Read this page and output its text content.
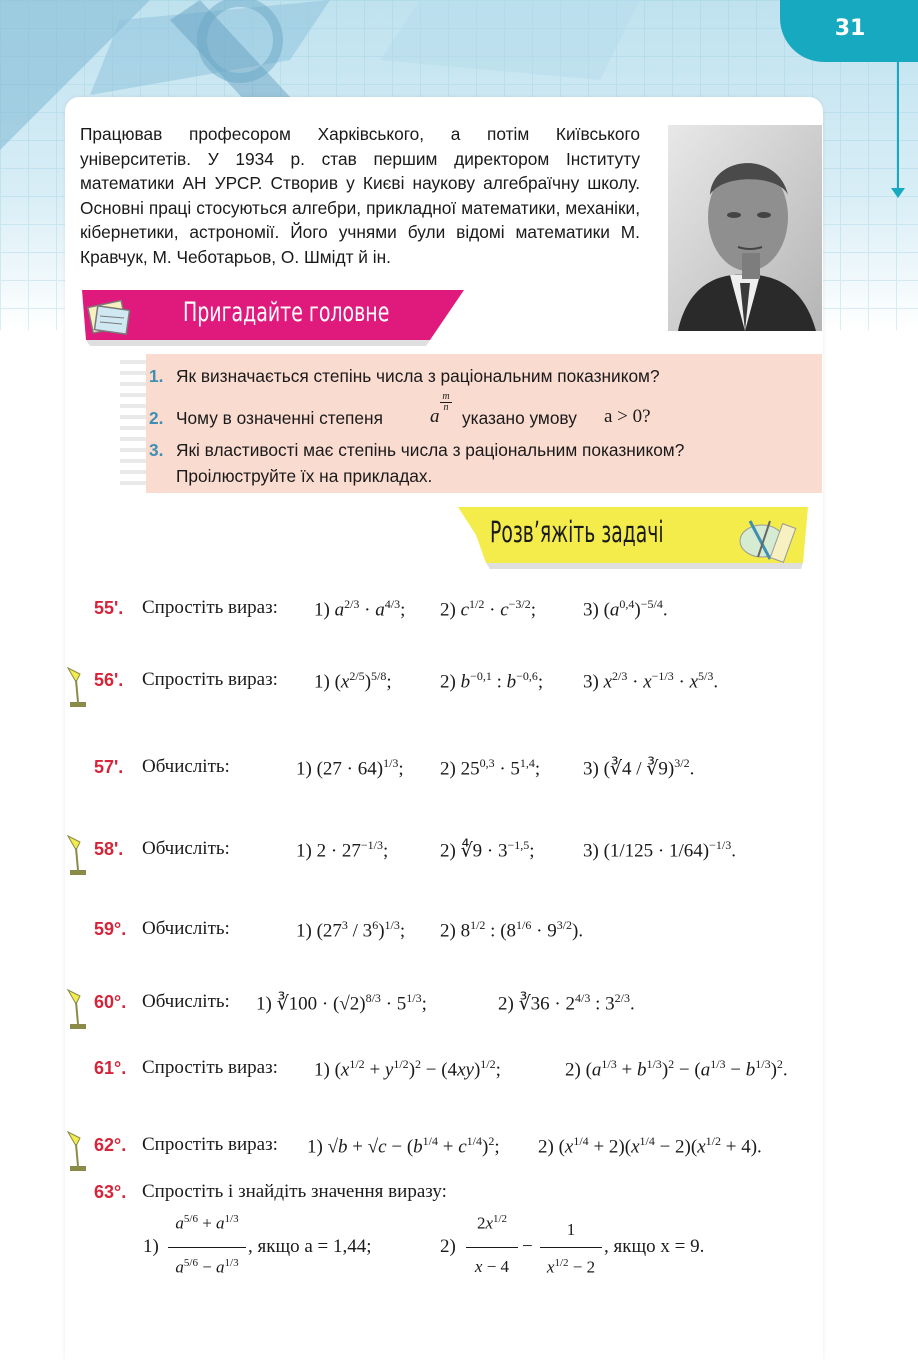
31
Працював професором Харківського, а потім Київського університетів. У 1934 р. став першим директором Інституту математики АН УРСР. Створив у Києві наукову алгебраїчну школу. Основні праці стосуються алгебри, прикладної математики, механіки, кібернетики, астрономії. Його учнями були відомі математики М. Кравчук, М. Чеботарьов, О. Шмідт й ін.
Пригадайте головне
1. Як визначається степінь числа з раціональним показником?
2. Чому в означенні степеня a
m

n
указано умову a > 0?
3. Які властивості має степінь числа з раціональним показником?
Проілюструйте їх на прикладах.
Розв’яжіть задачі
55'. Спростіть вираз: 1) $a^{2/3} \cdot a^{4/3}$; 2) $c^{1/2} \cdot c^{-3/2}$; 3) $(a^{0,4})^{-5/4}$.
56'. Спростіть вираз: 1) $(x^{2/5})^{5/8}$;	2) $b^{-0,1}$ : $b^{-0,6}$; 3) $x^{2/3} \cdot x^{-1/3} \cdot x^{5/3}$.
57'. Обчисліть:	1) $(27 \cdot 64)^{1/3}$; 2) $25^{0,3} \cdot 5^{1,4}$; 3) (∛4 / ∛9)$^{3/2}$.
58'. Обчисліть:	1) $2 \cdot 27^{-1/3}$;	2) ∜9 · $3^{-1,5}$;	3) $(1/125 \cdot 1/64)^{-1/3}$.
59°. Обчисліть:	1) $(27^3 / 3^6)^{1/3}$; 2) $8^{1/2}$ : $(8^{1/6} \cdot 9^{3/2})$.
60°. Обчисліть: 1) ∛100 · $(√2)^{8/3} \cdot 5^{1/3}$;	2) ∛36 · $2^{4/3}$ : $3^{2/3}$.
61°. Спростіть вираз: 1) $(x^{1/2} + y^{1/2})^2 - (4xy)^{1/2}$;	2) $(a^{1/3} + b^{1/3})^2 - (a^{1/3} - b^{1/3})^2$.
62°. Спростіть вираз: 1) $√b + √c - (b^{1/4} + c^{1/4})^2$; 2) $(x^{1/4} + 2)(x^{1/4} - 2)(x^{1/2} + 4)$.
63°. Спростіть і знайдіть значення виразу:
1)
$a^{5/6} + a^{1/3}$
$a^{5/6} - a^{1/3}$
, якщо a = 1,44;	2)
$2x^{1/2}$
x − 4
−
1
$x^{1/2} - 2$
, якщо x = 9.
